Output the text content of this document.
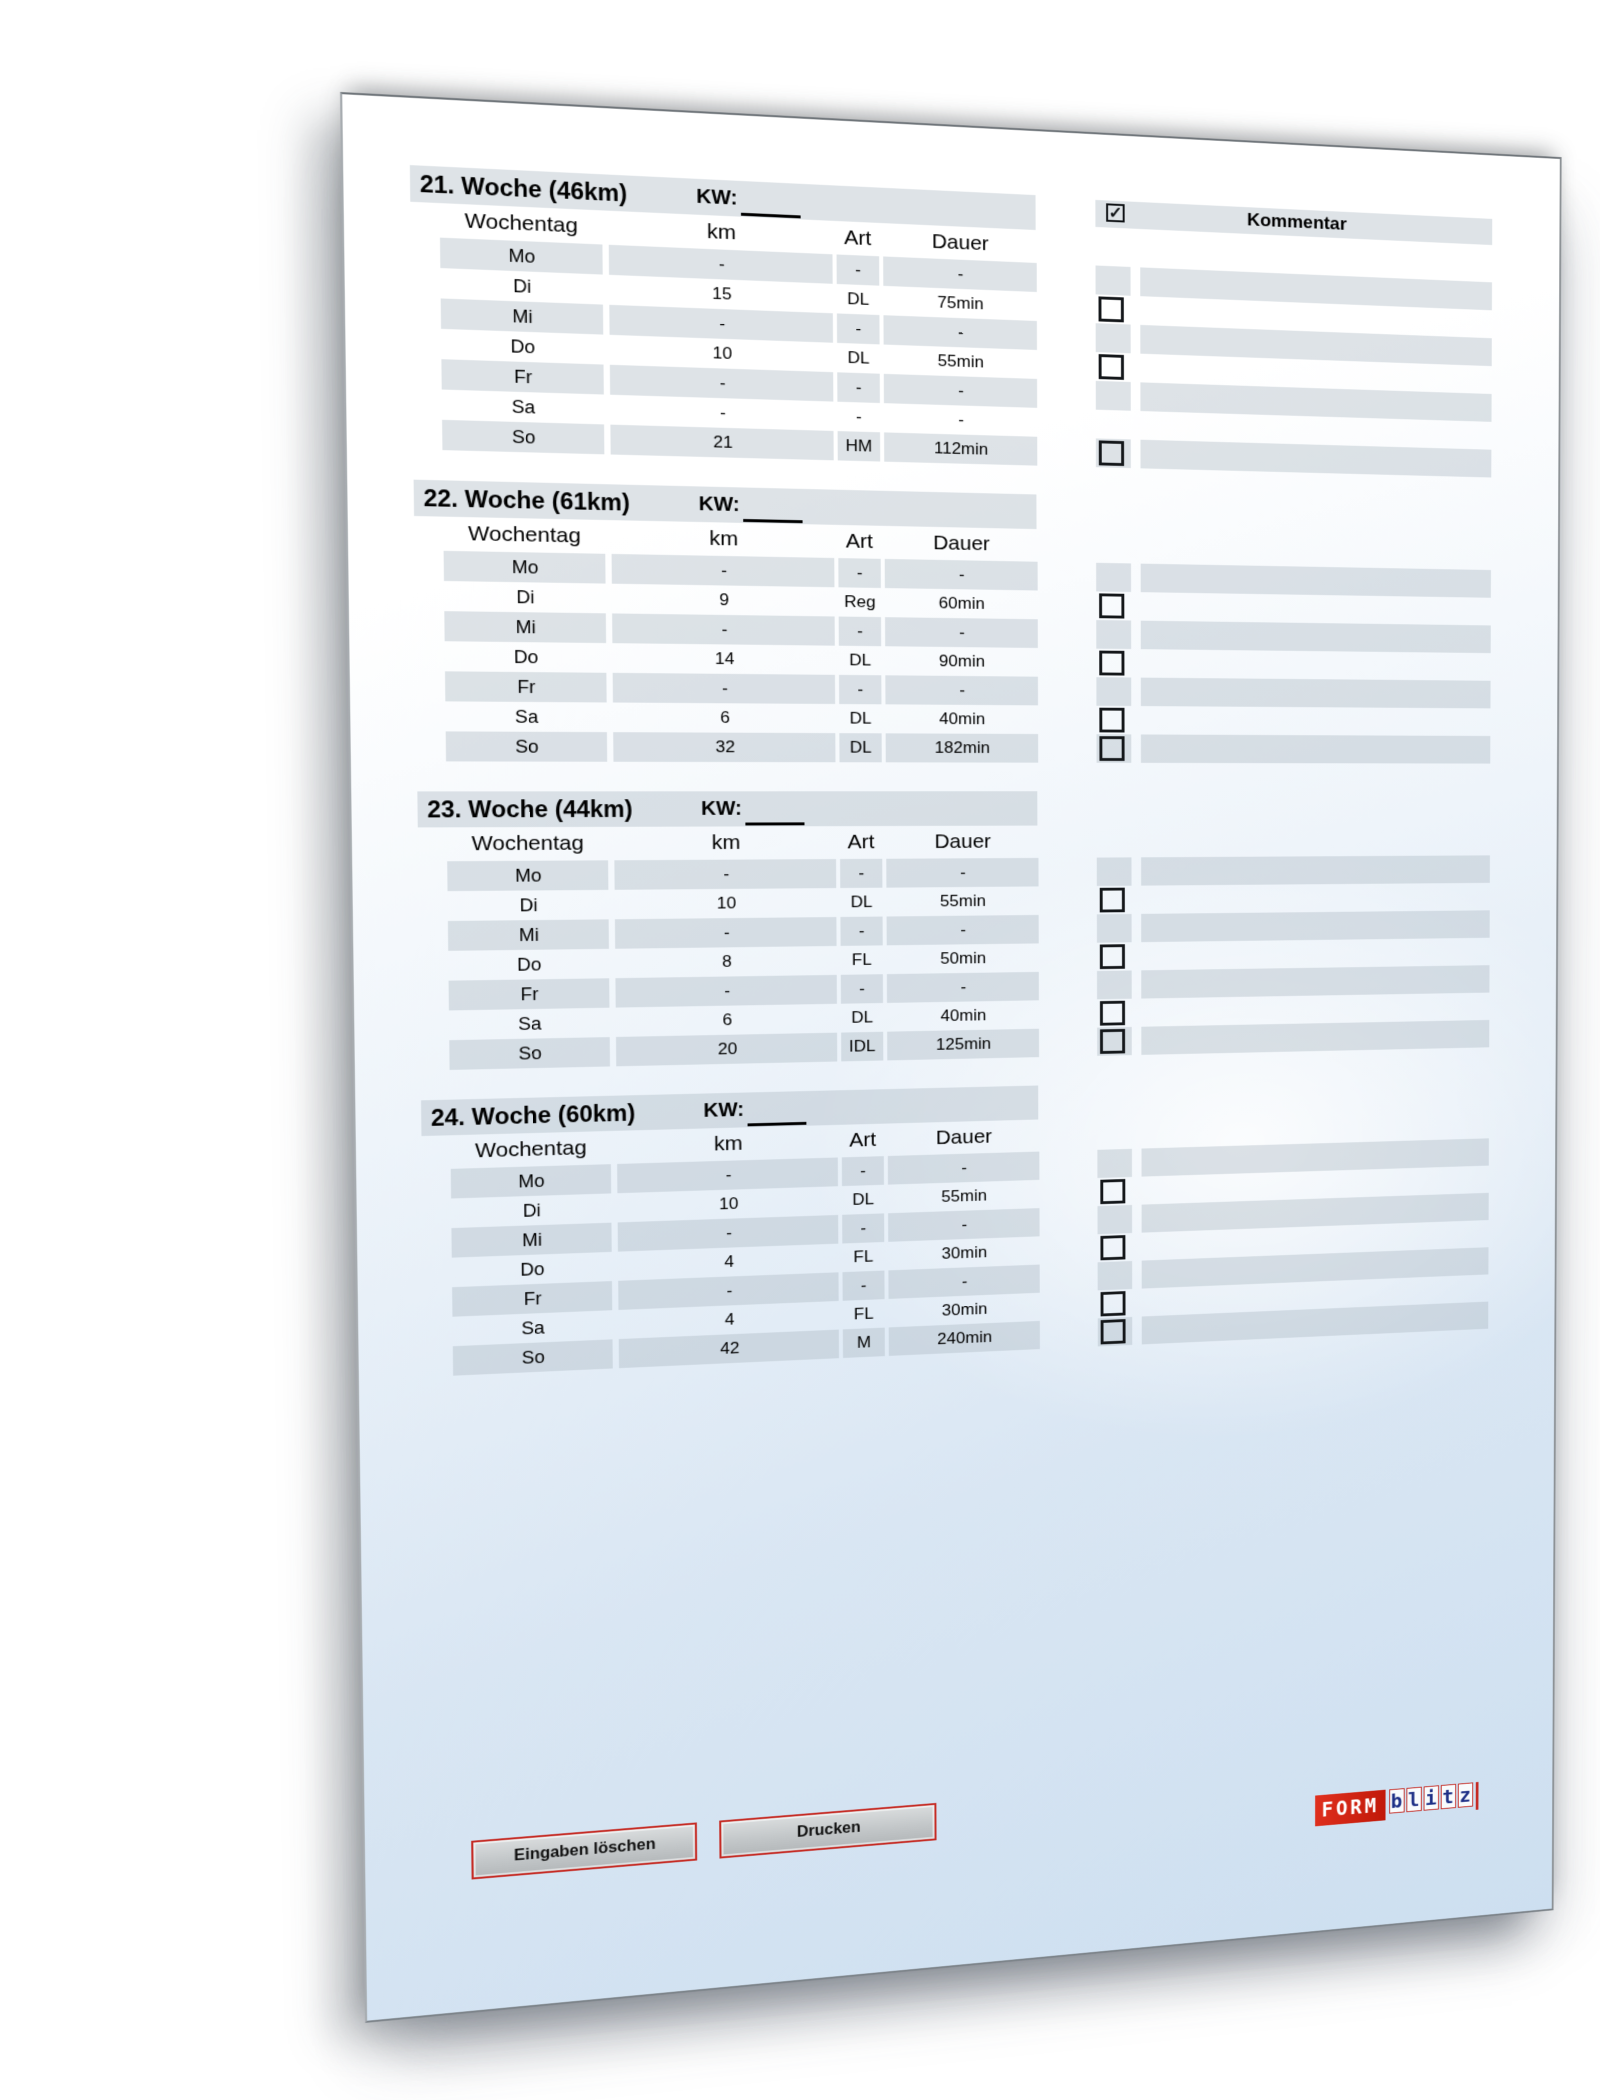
21. Woche (46km)	KW:
Wochentag	km	Art	Dauer
✓	Kommentar
Mo	-	-	-
Di	15	DL	75min
Mi	-	-	-
Do	10	DL	55min
Fr	-	-	-
Sa	-	-	-
So	21	HM	112min
22. Woche (61km)	KW:
Wochentag	km	Art	Dauer
Mo	-	-	-
Di	9	Reg	60min
Mi	-	-	-
Do	14	DL	90min
Fr	-	-	-
Sa	6	DL	40min
So	32	DL	182min
23. Woche (44km)	KW:
Wochentag	km	Art	Dauer
Mo	-	-	-
Di	10	DL	55min
Mi	-	-	-
Do	8	FL	50min
Fr	-	-	-
Sa	6	DL	40min
So	20	IDL	125min
24. Woche (60km)	KW:
Wochentag	km	Art	Dauer
Mo	-	-	-
Di	10	DL	55min
Mi	-	-	-
Do	4	FL	30min
Fr	-	-	-
Sa	4	FL	30min
So	42	M	240min
Eingaben löschen
Drucken
FORM b l i t z
